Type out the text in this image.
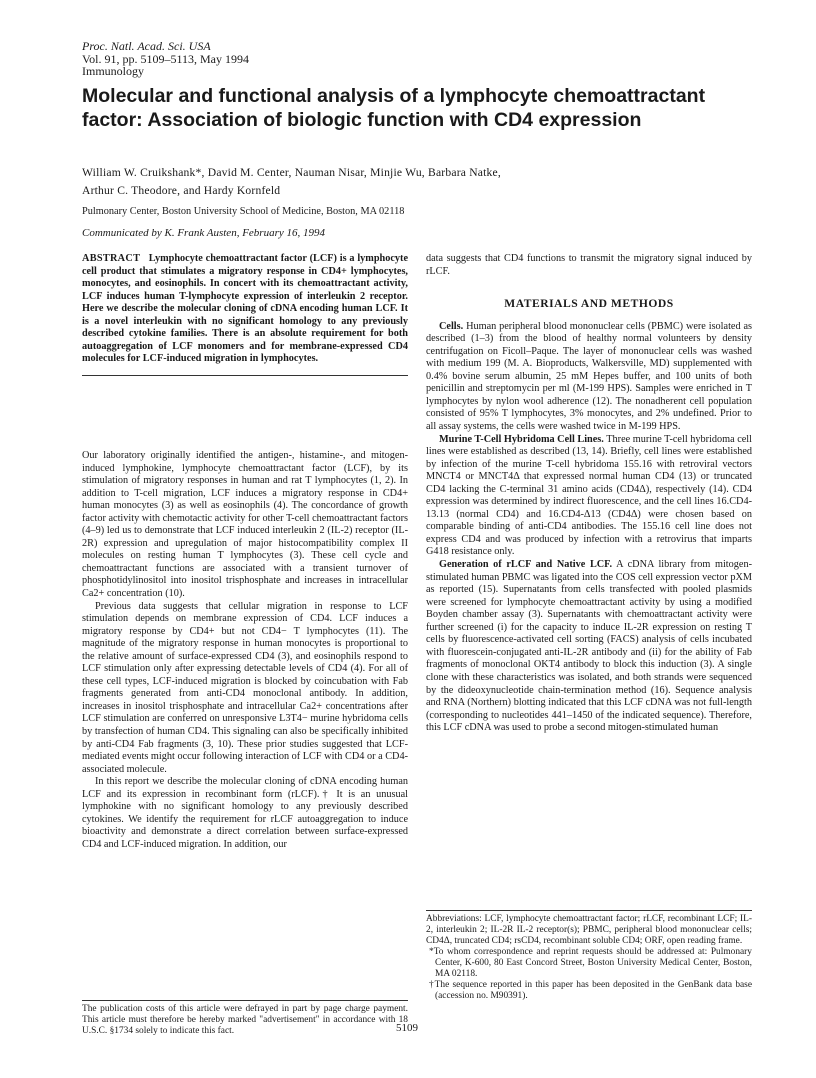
Proc. Natl. Acad. Sci. USA
Vol. 91, pp. 5109–5113, May 1994
Immunology
Molecular and functional analysis of a lymphocyte chemoattractant factor: Association of biologic function with CD4 expression
William W. Cruikshank*, David M. Center, Nauman Nisar, Minjie Wu, Barbara Natke,
Arthur C. Theodore, and Hardy Kornfeld
Pulmonary Center, Boston University School of Medicine, Boston, MA 02118
Communicated by K. Frank Austen, February 16, 1994

ABSTRACT Lymphocyte chemoattractant factor (LCF) is a lymphocyte cell product that stimulates a migratory response in CD4+ lymphocytes, monocytes, and eosinophils. In concert with its chemoattractant activity, LCF induces human T-lymphocyte expression of interleukin 2 receptor. Here we describe the molecular cloning of cDNA encoding human LCF. It is a novel interleukin with no significant homology to any previously described cytokine families. There is an absolute requirement for both autoaggregation of LCF monomers and for membrane-expressed CD4 molecules for LCF-induced migration in lymphocytes.

Our laboratory originally identified the antigen-, histamine-, and mitogen-induced lymphokine, lymphocyte chemoattractant factor (LCF), by its stimulation of migratory responses in human and rat T lymphocytes (1, 2). In addition to T-cell migration, LCF induces a migratory response in CD4+ human monocytes (3) as well as eosinophils (4). The concordance of growth factor activity with chemotactic activity for other T-cell chemoattractant factors (4–9) led us to demonstrate that LCF induced interleukin 2 (IL-2) receptor (IL-2R) expression and upregulation of major histocompatibility complex II molecules on resting human T lymphocytes (3). These cell cycle and chemoattractant functions are associated with a transient turnover of phosphotidylinositol into inositol trisphosphate and increases in intracellular Ca2+ concentration (10).

Previous data suggests that cellular migration in response to LCF stimulation depends on membrane expression of CD4. LCF induces a migratory response by CD4+ but not CD4− T lymphocytes (11). The magnitude of the migratory response in human monocytes is proportional to the relative amount of surface-expressed CD4 (3), and eosinophils respond to LCF stimulation only after expressing detectable levels of CD4 (4). For all of these cell types, LCF-induced migration is blocked by coincubation with Fab fragments generated from anti-CD4 monoclonal antibody. In addition, increases in inositol trisphosphate and intracellular Ca2+ concentrations after LCF stimulation are conferred on unresponsive L3T4− murine hybridoma cells by transfection of human CD4. This signaling can also be specifically inhibited by anti-CD4 Fab fragments (3, 10). These prior studies suggested that LCF-mediated events might occur following interaction of LCF with CD4 or a CD4-associated molecule.

In this report we describe the molecular cloning of cDNA encoding human LCF and its expression in recombinant form (rLCF).† It is an unusual lymphokine with no significant homology to any previously described cytokines. We identify the requirement for rLCF autoaggregation to induce bioactivity and demonstrate a direct correlation between surface-expressed CD4 and LCF-induced migration. In addition, our

The publication costs of this article were defrayed in part by page charge payment. This article must therefore be hereby marked "advertisement" in accordance with 18 U.S.C. §1734 solely to indicate this fact.

data suggests that CD4 functions to transmit the migratory signal induced by rLCF.

MATERIALS AND METHODS

Cells. Human peripheral blood mononuclear cells (PBMC) were isolated as described (1–3) from the blood of healthy normal volunteers by density centrifugation on Ficoll–Paque. The layer of mononuclear cells was washed with medium 199 (M. A. Bioproducts, Walkersville, MD) supplemented with 0.4% bovine serum albumin, 25 mM Hepes buffer, and 100 units of both penicillin and streptomycin per ml (M-199 HPS). Samples were enriched in T lymphocytes by nylon wool adherence (12). The nonadherent cell population consisted of 95% T lymphocytes, 3% monocytes, and 2% undefined. Prior to all assay systems, the cells were washed twice in M-199 HPS.

Murine T-Cell Hybridoma Cell Lines. Three murine T-cell hybridoma cell lines were established as described (13, 14). Briefly, cell lines were established by infection of the murine T-cell hybridoma 155.16 with retroviral vectors MNCT4 or MNCT4Δ that expressed normal human CD4 (13) or truncated CD4 lacking the C-terminal 31 amino acids (CD4Δ), respectively (14). CD4 expression was determined by indirect fluorescence, and the cell lines 16.CD4-13.13 (normal CD4) and 16.CD4-Δ13 (CD4Δ) were chosen based on comparable binding of anti-CD4 antibodies. The 155.16 cell line does not express CD4 and was produced by infection with a retrovirus that imparts G418 resistance only.

Generation of rLCF and Native LCF. A cDNA library from mitogen-stimulated human PBMC was ligated into the COS cell expression vector pXM as reported (15). Supernatants from cells transfected with pooled plasmids were screened for lymphocyte chemoattractant activity by using a modified Boyden chamber assay (3). Supernatants with chemoattractant activity were further screened (i) for the capacity to induce IL-2R expression on resting T cells by fluorescence-activated cell sorting (FACS) analysis of cells incubated with fluorescein-conjugated anti-IL-2R antibody and (ii) for the ability of Fab fragments of monoclonal OKT4 antibody to block this induction (3). A single clone with these characteristics was isolated, and both strands were sequenced by the dideoxynucleotide chain-termination method (16). Sequence analysis and RNA (Northern) blotting indicated that this LCF cDNA was not full-length (corresponding to nucleotides 441–1450 of the indicated sequence). Therefore, this LCF cDNA was used to probe a second mitogen-stimulated human

Abbreviations: LCF, lymphocyte chemoattractant factor; rLCF, recombinant LCF; IL-2, interleukin 2; IL-2R IL-2 receptor(s); PBMC, peripheral blood mononuclear cells; CD4Δ, truncated CD4; rsCD4, recombinant soluble CD4; ORF, open reading frame.

*To whom correspondence and reprint requests should be addressed at: Pulmonary Center, K-600, 80 East Concord Street, Boston University Medical Center, Boston, MA 02118.

†The sequence reported in this paper has been deposited in the GenBank data base (accession no. M90391).

5109
